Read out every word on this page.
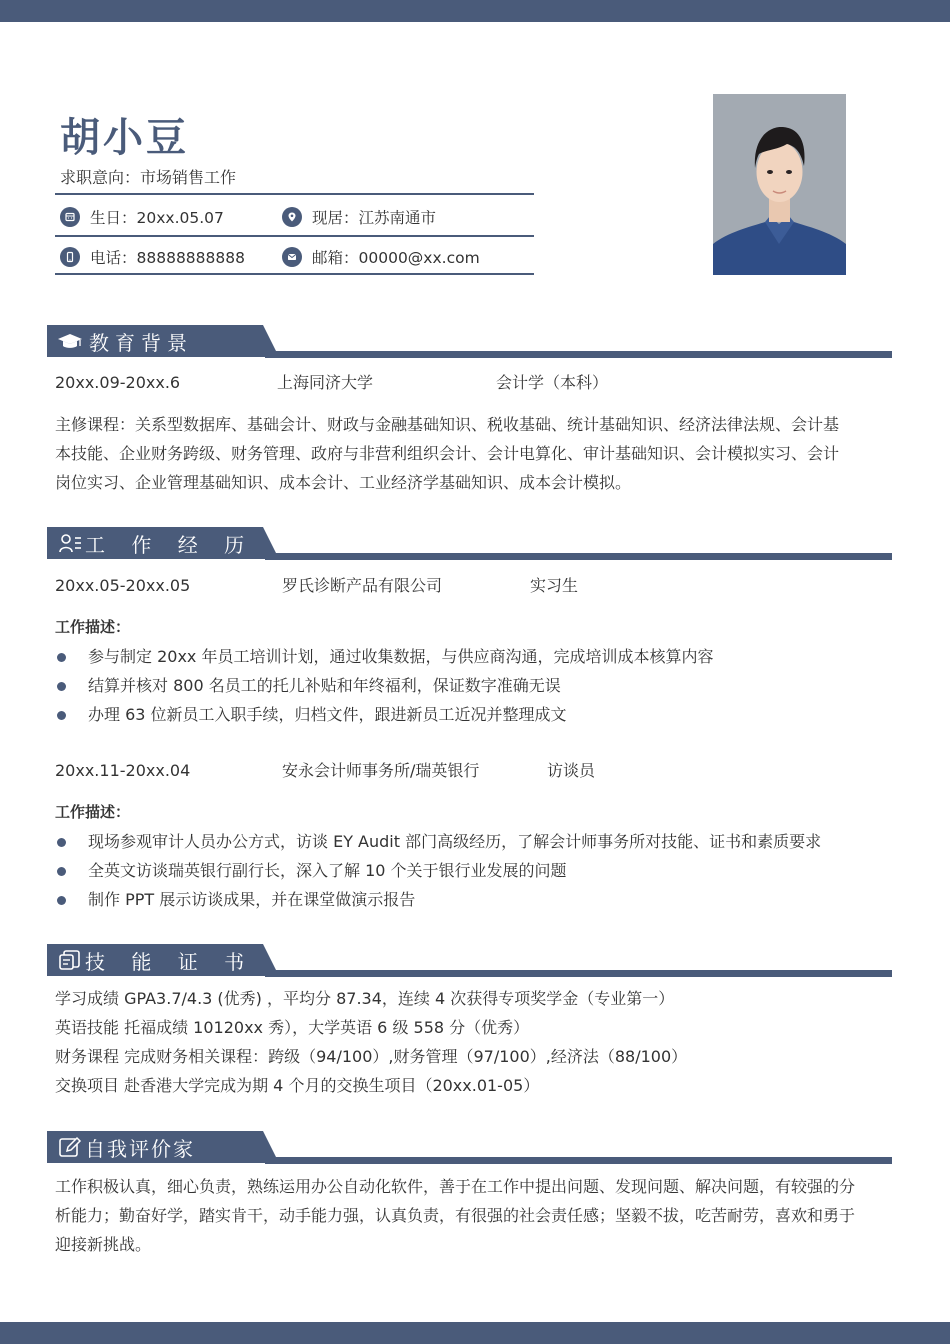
胡小豆
求职意向：市场销售工作
生日：20xx.05.07	现居：江苏南通市
电话：88888888888	邮箱：00000@xx.com
教育背景
20xx.09-20xx.6	上海同济大学	会计学（本科）
主修课程：关系型数据库、基础会计、财政与金融基础知识、税收基础、统计基础知识、经济法律法规、会计基
本技能、企业财务跨级、财务管理、政府与非营利组织会计、会计电算化、审计基础知识、会计模拟实习、会计
岗位实习、企业管理基础知识、成本会计、工业经济学基础知识、成本会计模拟。
工 作 经 历
20xx.05-20xx.05	罗氏诊断产品有限公司	实习生
工作描述：
参与制定 20xx 年员工培训计划，通过收集数据，与供应商沟通，完成培训成本核算内容
结算并核对 800 名员工的托儿补贴和年终福利，保证数字准确无误
办理 63 位新员工入职手续，归档文件，跟进新员工近况并整理成文
20xx.11-20xx.04	安永会计师事务所/瑞英银行	访谈员
工作描述：
现场参观审计人员办公方式，访谈 EY Audit 部门高级经历，了解会计师事务所对技能、证书和素质要求
全英文访谈瑞英银行副行长，深入了解 10 个关于银行业发展的问题
制作 PPT 展示访谈成果，并在课堂做演示报告
技 能 证 书
学习成绩 GPA3.7/4.3 (优秀) ，平均分 87.34，连续 4 次获得专项奖学金（专业第一）
英语技能 托福成绩 10120xx 秀），大学英语 6 级 558 分（优秀）
财务课程 完成财务相关课程：跨级（94/100）,财务管理（97/100）,经济法（88/100）
交换项目 赴香港大学完成为期 4 个月的交换生项目（20xx.01-05）
自我评价家
工作积极认真，细心负责，熟练运用办公自动化软件，善于在工作中提出问题、发现问题、解决问题，有较强的分
析能力；勤奋好学，踏实肯干，动手能力强，认真负责，有很强的社会责任感；坚毅不拔，吃苦耐劳，喜欢和勇于
迎接新挑战。
